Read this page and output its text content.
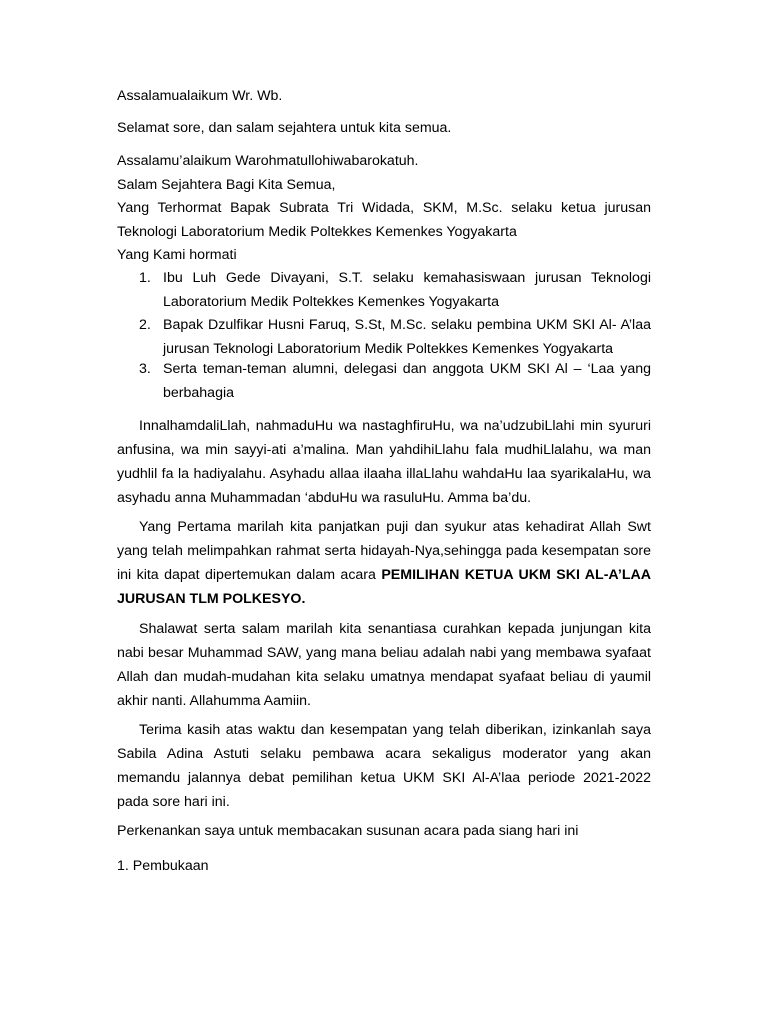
Assalamualaikum Wr. Wb.

Selamat sore, dan salam sejahtera untuk kita semua.

Assalamu’alaikum Warohmatullohiwabarokatuh.

Salam Sejahtera Bagi Kita Semua,

Yang Terhormat Bapak Subrata Tri Widada, SKM, M.Sc. selaku ketua jurusan Teknologi Laboratorium Medik Poltekkes Kemenkes Yogyakarta

Yang Kami hormati

1. Ibu Luh Gede Divayani, S.T. selaku kemahasiswaan jurusan Teknologi Laboratorium Medik Poltekkes Kemenkes Yogyakarta
2. Bapak Dzulfikar Husni Faruq, S.St, M.Sc. selaku pembina UKM SKI Al- A’laa jurusan Teknologi Laboratorium Medik Poltekkes Kemenkes Yogyakarta
3. Serta teman-teman alumni, delegasi dan anggota UKM SKI Al – ‘Laa yang berbahagia

InnalhamdaliLlah, nahmaduHu wa nastaghfiruHu, wa na’udzubiLlahi min syururi anfusina, wa min sayyi-ati a’malina. Man yahdihiLlahu fala mudhiLlalahu, wa man yudhlil fa la hadiyalahu. Asyhadu allaa ilaaha illaLlahu wahdaHu laa syarikalaHu, wa asyhadu anna Muhammadan ‘abduHu wa rasuluHu. Amma ba’du.

Yang Pertama marilah kita panjatkan puji dan syukur atas kehadirat Allah Swt yang telah melimpahkan rahmat serta hidayah-Nya,sehingga pada kesempatan sore ini kita dapat dipertemukan dalam acara PEMILIHAN KETUA UKM SKI AL-A’LAA JURUSAN TLM POLKESYO.

Shalawat serta salam marilah kita senantiasa curahkan kepada junjungan kita nabi besar Muhammad SAW, yang mana beliau adalah nabi yang membawa syafaat Allah dan mudah-mudahan kita selaku umatnya mendapat syafaat beliau di yaumil akhir nanti. Allahumma Aamiin.

Terima kasih atas waktu dan kesempatan yang telah diberikan, izinkanlah saya Sabila Adina Astuti selaku pembawa acara sekaligus moderator yang akan memandu jalannya debat pemilihan ketua UKM SKI Al-A’laa periode 2021-2022 pada sore hari ini.

Perkenankan saya untuk membacakan susunan acara pada siang hari ini

1. Pembukaan
